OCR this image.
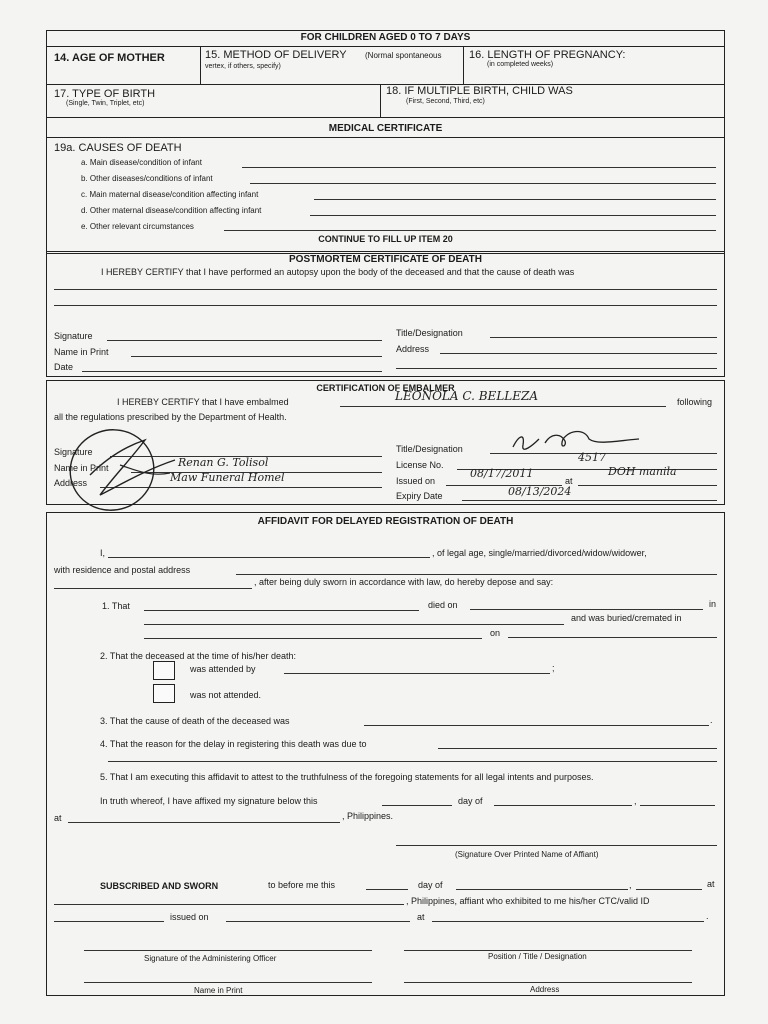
FOR CHILDREN AGED 0 TO 7 DAYS
14. AGE OF MOTHER	15. METHOD OF DELIVERY (Normal spontaneous
vertex, if others, specify)
16. LENGTH OF PREGNANCY:
(in completed weeks)
17. TYPE OF BIRTH
(Single, Twin, Triplet, etc)
18. IF MULTIPLE BIRTH, CHILD WAS
(First, Second, Third, etc)
MEDICAL CERTIFICATE
19a. CAUSES OF DEATH
a. Main disease/condition of infant
b. Other diseases/conditions of infant
c. Main maternal disease/condition affecting infant
d. Other maternal disease/condition affecting infant
e. Other relevant circumstances
CONTINUE TO FILL UP ITEM 20
POSTMORTEM CERTIFICATE OF DEATH
I HEREBY CERTIFY that I have performed an autopsy upon the body of the deceased and that the cause of death was
Signature
Name in Print
Date
Title/Designation
Address
CERTIFICATION OF EMBALMER
I HEREBY CERTIFY that I have embalmed	LEONOLA C. BELLEZA	following
all the regulations prescribed by the Department of Health.
Signature
Name in Print	Renan G. Tolisol
Address	Maw Funeral Homel
Title/Designation
License No.
4517
Issued on
08/17/2011
at
DOH manila
Expiry Date	08/13/2024
AFFIDAVIT FOR DELAYED REGISTRATION OF DEATH
I,	, of legal age, single/married/divorced/widow/widower,
with residence and postal address
, after being duly sworn in accordance with law, do hereby depose and say:
1. That	died on	in
and was buried/cremated in
on
2. That the deceased at the time of his/her death:
was attended by	;
was not attended.
3. That the cause of death of the deceased was	.
4. That the reason for the delay in registering this death was due to
5. That I am executing this affidavit to attest to the truthfulness of the foregoing statements for all legal intents and purposes.
In truth whereof, I have affixed my signature below this	day of	,
at	, Philippines.
(Signature Over Printed Name of Affiant)
SUBSCRIBED AND SWORN	to before me this	day of	,	at
, Philippines, affiant who exhibited to me his/her CTC/valid ID
issued on	at	.
Signature of the Administering Officer	Position / Title / Designation
Name in Print	Address
